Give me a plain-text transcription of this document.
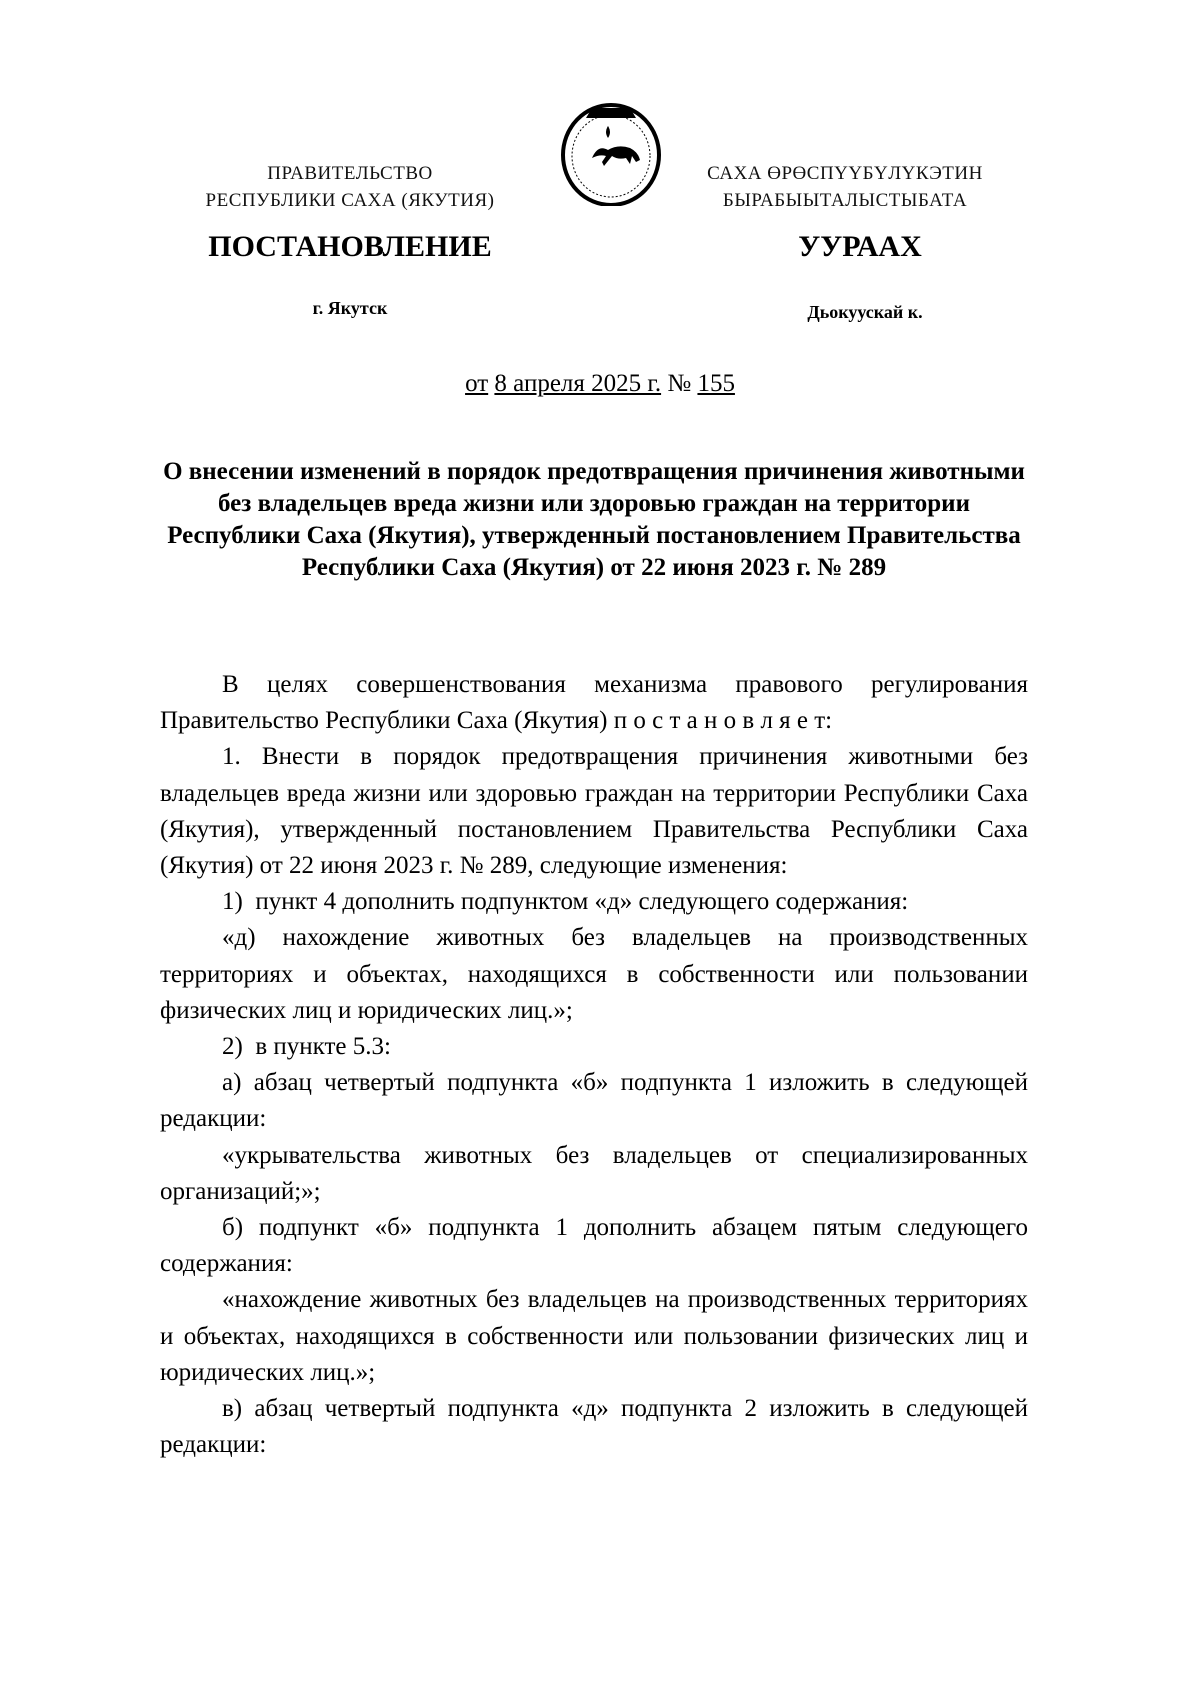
ПРАВИТЕЛЬСТВО
РЕСПУБЛИКИ САХА (ЯКУТИЯ)
САХА ӨРӨСПҮҮБҮЛҮКЭТИН
БЫРАБЫЫТАЛЫСТЫБАТА
ПОСТАНОВЛЕНИЕ	УУРААХ
г. Якутск	Дьокуускай к.
от 8 апреля 2025 г. № 155
О внесении изменений в порядок предотвращения причинения животными без владельцев вреда жизни или здоровью граждан на территории Республики Саха (Якутия), утвержденный постановлением Правительства Республики Саха (Якутия) от 22 июня 2023 г. № 289

В целях совершенствования механизма правового регулирования Правительство Республики Саха (Якутия) п о с т а н о в л я е т:

1. Внести в порядок предотвращения причинения животными без владельцев вреда жизни или здоровью граждан на территории Республики Саха (Якутия), утвержденный постановлением Правительства Республики Саха (Якутия) от 22 июня 2023 г. № 289, следующие изменения:

1)  пункт 4 дополнить подпунктом «д» следующего содержания:

«д) нахождение животных без владельцев на производственных территориях и объектах, находящихся в собственности или пользовании физических лиц и юридических лиц.»;

2)  в пункте 5.3:

а) абзац четвертый подпункта «б» подпункта 1 изложить в следующей редакции:

«укрывательства животных без владельцев от специализированных организаций;»;

б) подпункт «б» подпункта 1 дополнить абзацем пятым следующего содержания:

«нахождение животных без владельцев на производственных территориях и объектах, находящихся в собственности или пользовании физических лиц и юридических лиц.»;

в) абзац четвертый подпункта «д» подпункта 2 изложить в следующей редакции:
